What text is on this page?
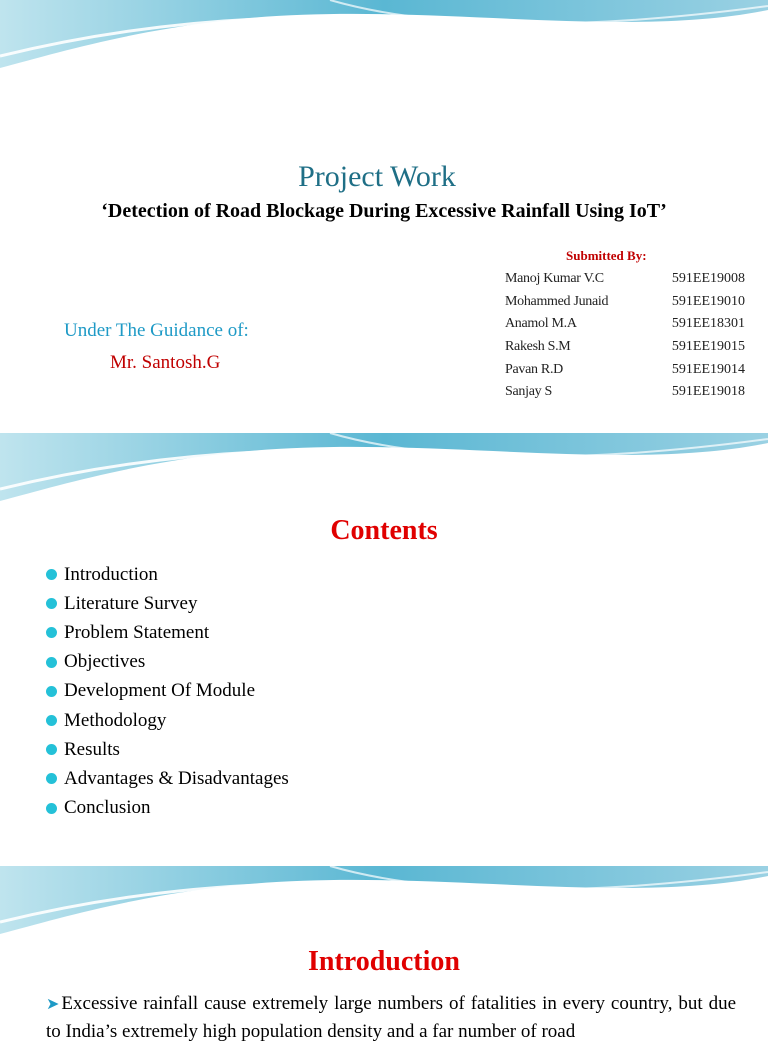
Project Work
‘Detection of Road Blockage During Excessive Rainfall Using IoT’
Submitted By:
Manoj Kumar V.C	591EE19008
Mohammed Junaid	591EE19010
Anamol M.A	591EE18301
Rakesh S.M	591EE19015
Pavan R.D	591EE19014
Sanjay S	591EE19018
Under The Guidance of:
Mr. Santosh.G
Contents
Introduction
Literature Survey
Problem Statement
Objectives
Development Of Module
Methodology
Results
Advantages & Disadvantages
Conclusion
Introduction

➤ Excessive rainfall cause extremely large numbers of fatalities in every country, but due to India’s extremely high population density and a far number of road
